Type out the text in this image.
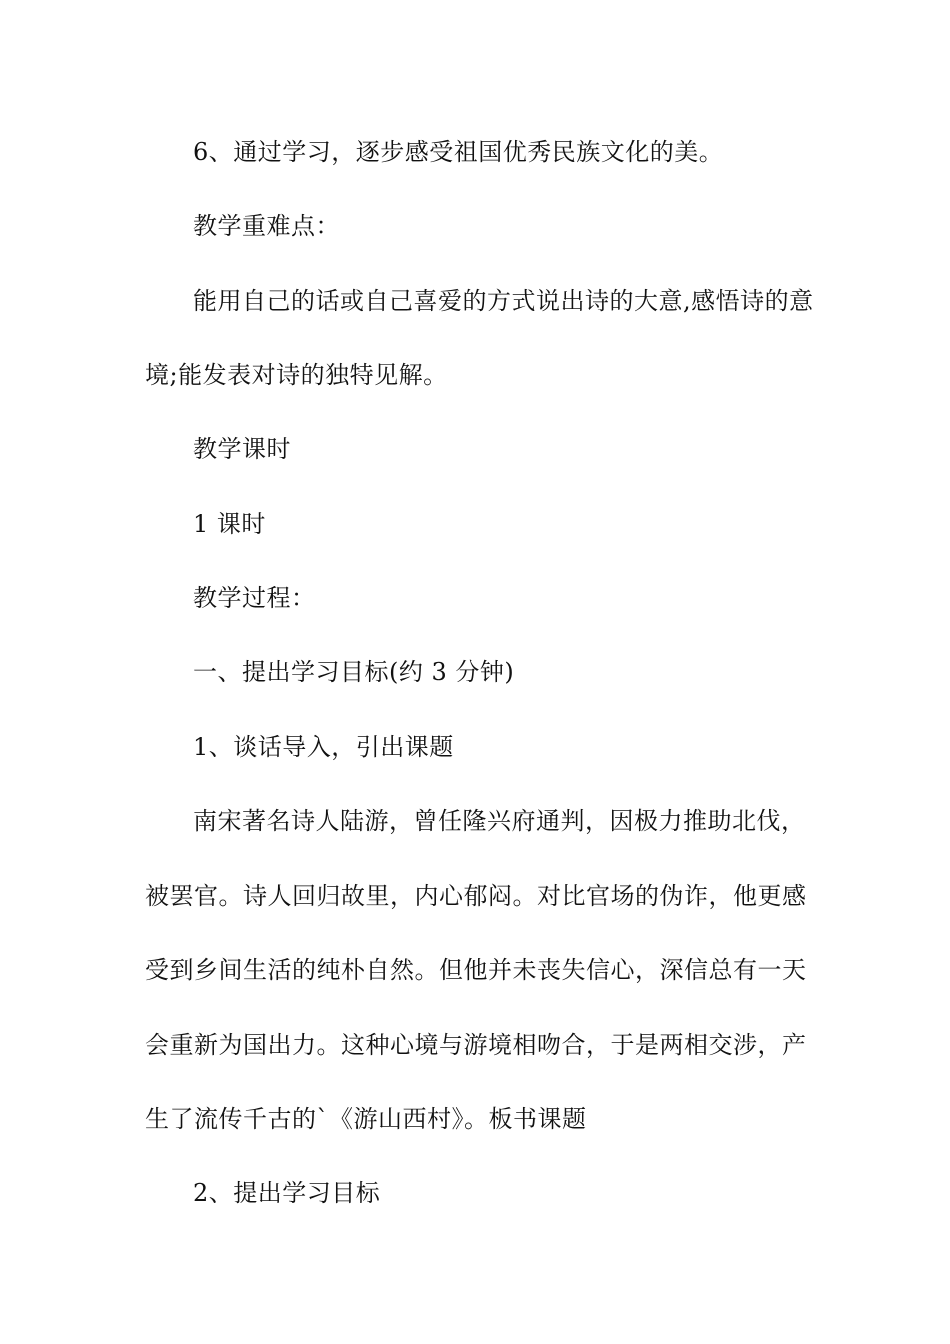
6、通过学习，逐步感受祖国优秀民族文化的美。
教学重难点：
能用自己的话或自己喜爱的方式说出诗的大意,感悟诗的意
境;能发表对诗的独特见解。
教学课时
1 课时
教学过程：
一、提出学习目标(约 3 分钟)
1、谈话导入，引出课题
南宋著名诗人陆游，曾任隆兴府通判，因极力推助北伐，
被罢官。诗人回归故里，内心郁闷。对比官场的伪诈，他更感
受到乡间生活的纯朴自然。但他并未丧失信心，深信总有一天
会重新为国出力。这种心境与游境相吻合，于是两相交涉，产
生了流传千古的`《游山西村》。板书课题
2、提出学习目标
